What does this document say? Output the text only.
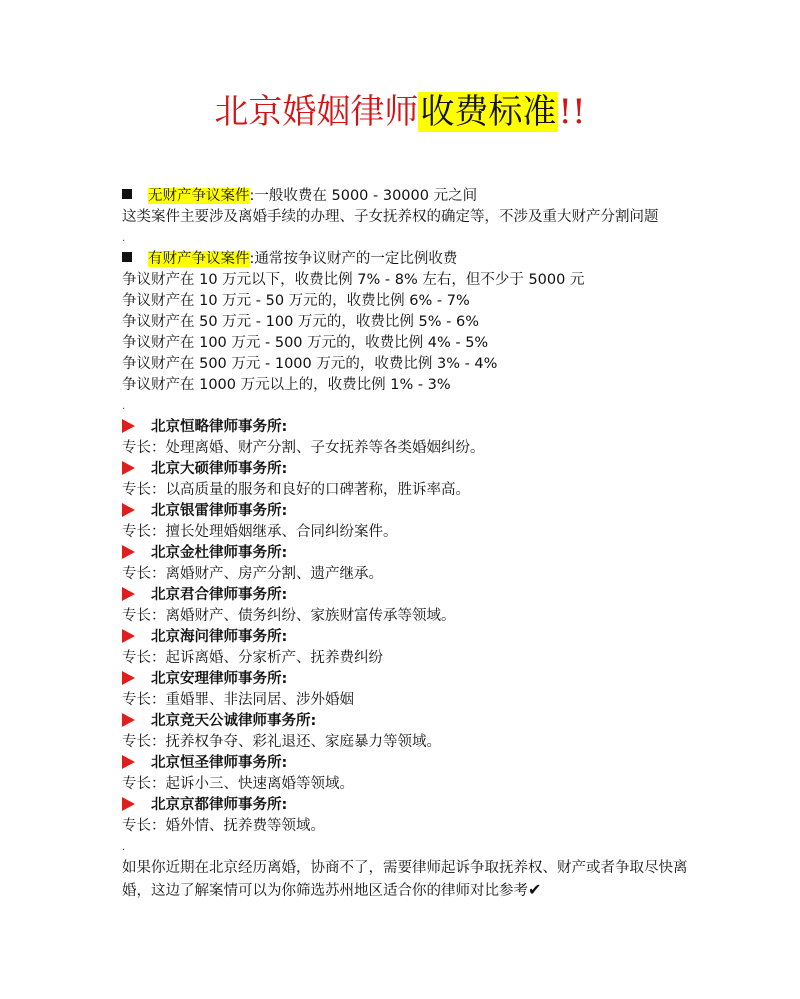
北京婚姻律师收费标准!!
无财产争议案件:一般收费在 5000 - 30000 元之间
这类案件主要涉及离婚手续的办理、子女抚养权的确定等，不涉及重大财产分割问题
.
有财产争议案件:通常按争议财产的一定比例收费
争议财产在 10 万元以下，收费比例 7% - 8% 左右，但不少于 5000 元
争议财产在 10 万元 - 50 万元的，收费比例 6% - 7%
争议财产在 50 万元 - 100 万元的，收费比例 5% - 6%
争议财产在 100 万元 - 500 万元的，收费比例 4% - 5%
争议财产在 500 万元 - 1000 万元的，收费比例 3% - 4%
争议财产在 1000 万元以上的，收费比例 1% - 3%
.
北京恒略律师事务所:
专长：处理离婚、财产分割、子女抚养等各类婚姻纠纷。
北京大硕律师事务所:
专长：以高质量的服务和良好的口碑著称，胜诉率高。
北京银雷律师事务所:
专长：擅长处理婚姻继承、合同纠纷案件。
北京金杜律师事务所:
专长：离婚财产、房产分割、遗产继承。
北京君合律师事务所:
专长：离婚财产、债务纠纷、家族财富传承等领域。
北京海问律师事务所:
专长：起诉离婚、分家析产、抚养费纠纷
北京安理律师事务所:
专长：重婚罪、非法同居、涉外婚姻
北京竞天公诚律师事务所:
专长：抚养权争夺、彩礼退还、家庭暴力等领域。
北京恒圣律师事务所:
专长：起诉小三、快速离婚等领域。
北京京都律师事务所:
专长：婚外情、抚养费等领域。
.
如果你近期在北京经历离婚，协商不了，需要律师起诉争取抚养权、财产或者争取尽快离婚，这边了解案情可以为你筛选苏州地区适合你的律师对比参考✔
